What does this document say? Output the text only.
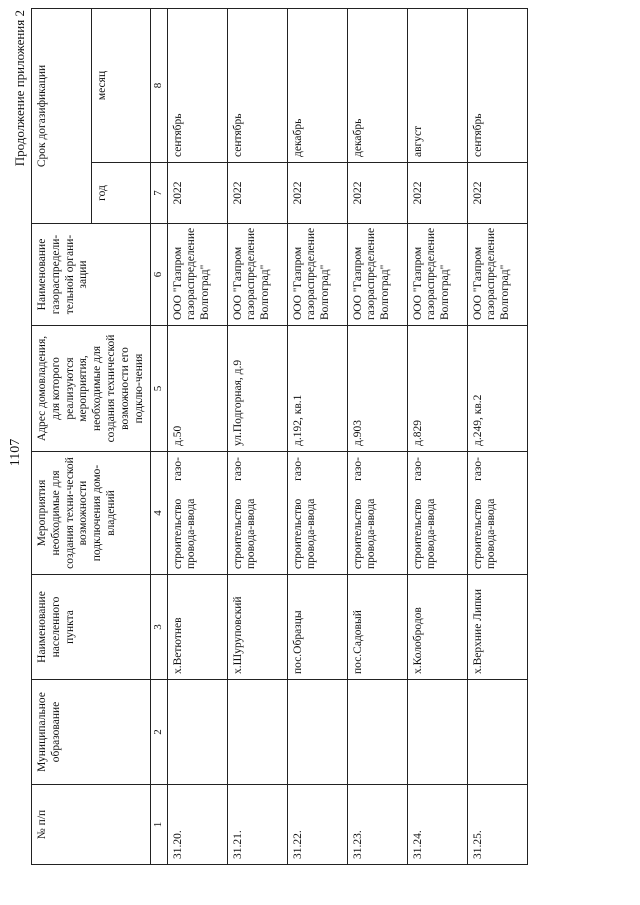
1107
Продолжение приложения 2
№ п/п	Муниципальное образование	Наименование населенного пункта	Мероприятия необходимые для создания техни-ческой возможности подключения домо-владений	Адрес домовладения, для которого реализуются мероприятия, необходимые для создания технической возможности его подклю-чения	Наименование газораспредели-тельной органи-зации	Срок догазификации	
						год	месяц
1	2	3	4	5	6	7	8
31.20.		х.Ветютнев	строительство газо-провода-ввода	д.50	ООО "Газпром газораспределение Волгоград"	2022	сентябрь
31.21.		х.Шуруповский	строительство газо-провода-ввода	ул.Подгорная, д.9	ООО "Газпром газораспределение Волгоград"	2022	сентябрь
31.22.		пос.Образцы	строительство газо-провода-ввода	д.192, кв.1	ООО "Газпром газораспределение Волгоград"	2022	декабрь
31.23.		пос.Садовый	строительство газо-провода-ввода	д.903	ООО "Газпром газораспределение Волгоград"	2022	декабрь
31.24.		х.Колобродов	строительство газо-провода-ввода	д.829	ООО "Газпром газораспределение Волгоград"	2022	август
31.25.		х.Верхние Липки	строительство газо-провода-ввода	д.249, кв.2	ООО "Газпром газораспределение Волгоград"	2022	сентябрь
